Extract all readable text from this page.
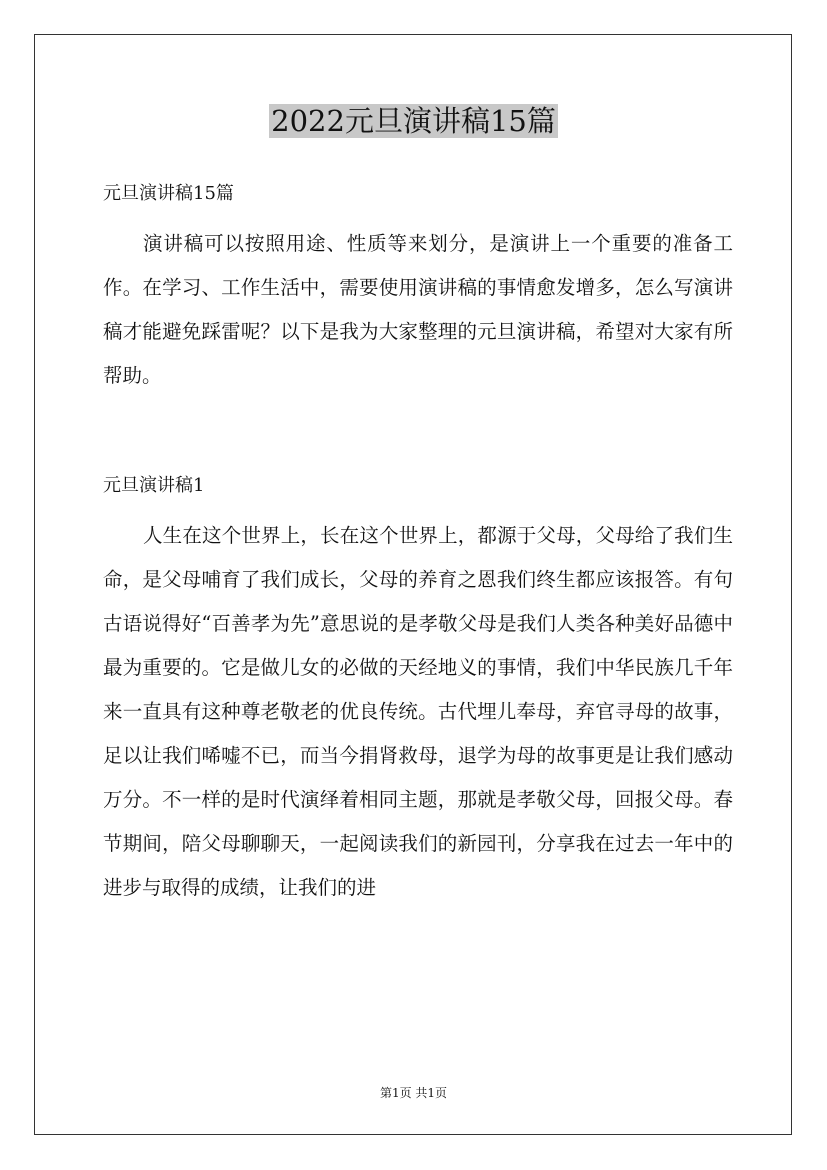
2022元旦演讲稿15篇

元旦演讲稿15篇

演讲稿可以按照用途、性质等来划分，是演讲上一个重要的准备工作。在学习、工作生活中，需要使用演讲稿的事情愈发增多，怎么写演讲稿才能避免踩雷呢？以下是我为大家整理的元旦演讲稿，希望对大家有所帮助。

元旦演讲稿1

人生在这个世界上，长在这个世界上，都源于父母，父母给了我们生命，是父母哺育了我们成长，父母的养育之恩我们终生都应该报答。有句古语说得好“百善孝为先”意思说的是孝敬父母是我们人类各种美好品德中最为重要的。它是做儿女的必做的天经地义的事情，我们中华民族几千年来一直具有这种尊老敬老的优良传统。古代埋儿奉母，弃官寻母的故事，足以让我们唏嘘不已，而当今捐肾救母，退学为母的故事更是让我们感动万分。不一样的是时代演绎着相同主题，那就是孝敬父母，回报父母。春节期间，陪父母聊聊天，一起阅读我们的新园刊，分享我在过去一年中的进步与取得的成绩，让我们的进

第1页 共1页
